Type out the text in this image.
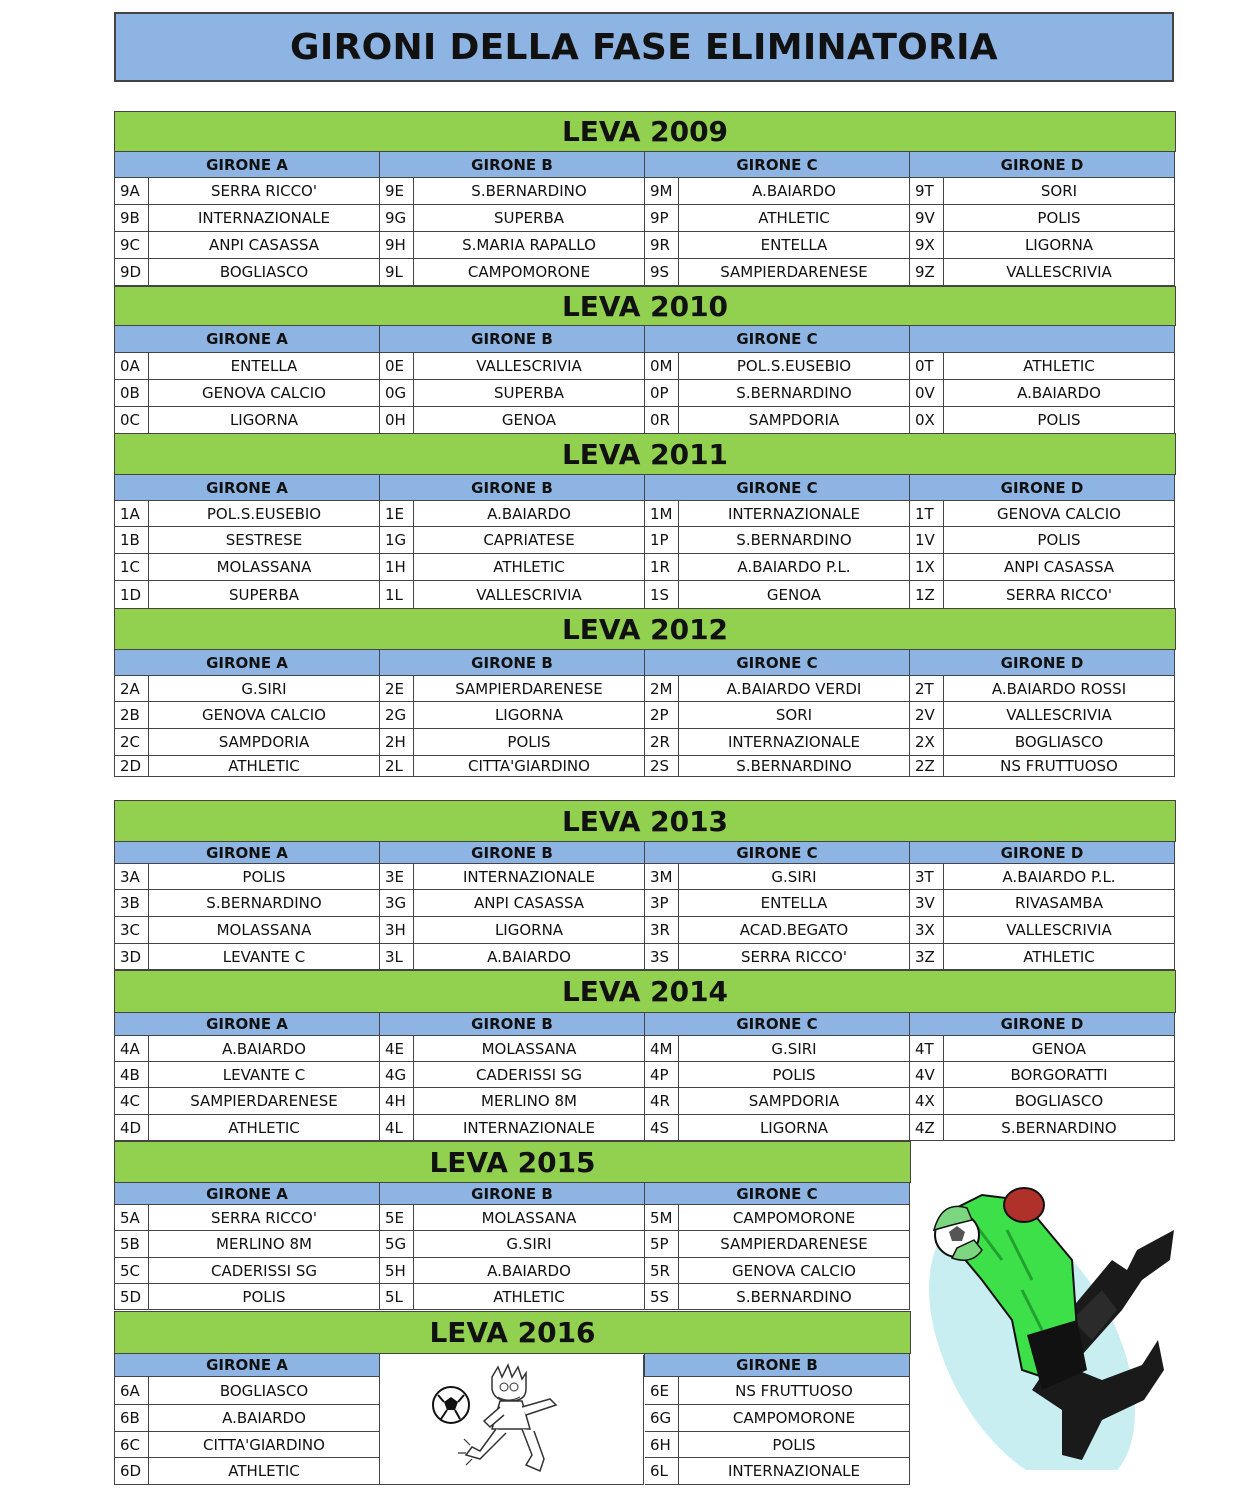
GIRONI DELLA FASE ELIMINATORIA
LEVA 2009
GIRONE A	GIRONE B	GIRONE C	GIRONE D
9A	SERRA RICCO'	9E	S.BERNARDINO	9M	A.BAIARDO	9T	SORI
9B	INTERNAZIONALE	9G	SUPERBA	9P	ATHLETIC	9V	POLIS
9C	ANPI CASASSA	9H	S.MARIA RAPALLO	9R	ENTELLA	9X	LIGORNA
9D	BOGLIASCO	9L	CAMPOMORONE	9S	SAMPIERDARENESE	9Z	VALLESCRIVIA
LEVA 2010
GIRONE A	GIRONE B	GIRONE C
0A	ENTELLA	0E	VALLESCRIVIA	0M	POL.S.EUSEBIO	0T	ATHLETIC
0B	GENOVA CALCIO	0G	SUPERBA	0P	S.BERNARDINO	0V	A.BAIARDO
0C	LIGORNA	0H	GENOA	0R	SAMPDORIA	0X	POLIS
LEVA 2011
GIRONE A	GIRONE B	GIRONE C	GIRONE D
1A	POL.S.EUSEBIO	1E	A.BAIARDO	1M	INTERNAZIONALE	1T	GENOVA CALCIO
1B	SESTRESE	1G	CAPRIATESE	1P	S.BERNARDINO	1V	POLIS
1C	MOLASSANA	1H	ATHLETIC	1R	A.BAIARDO P.L.	1X	ANPI CASASSA
1D	SUPERBA	1L	VALLESCRIVIA	1S	GENOA	1Z	SERRA RICCO'
LEVA 2012
GIRONE A	GIRONE B	GIRONE C	GIRONE D
2A	G.SIRI	2E	SAMPIERDARENESE	2M	A.BAIARDO VERDI	2T	A.BAIARDO ROSSI
2B	GENOVA CALCIO	2G	LIGORNA	2P	SORI	2V	VALLESCRIVIA
2C	SAMPDORIA	2H	POLIS	2R	INTERNAZIONALE	2X	BOGLIASCO
2D	ATHLETIC	2L	CITTA'GIARDINO	2S	S.BERNARDINO	2Z	NS FRUTTUOSO
LEVA 2013
GIRONE A	GIRONE B	GIRONE C	GIRONE D
3A	POLIS	3E	INTERNAZIONALE	3M	G.SIRI	3T	A.BAIARDO P.L.
3B	S.BERNARDINO	3G	ANPI CASASSA	3P	ENTELLA	3V	RIVASAMBA
3C	MOLASSANA	3H	LIGORNA	3R	ACAD.BEGATO	3X	VALLESCRIVIA
3D	LEVANTE C	3L	A.BAIARDO	3S	SERRA RICCO'	3Z	ATHLETIC
LEVA 2014
GIRONE A	GIRONE B	GIRONE C	GIRONE D
4A	A.BAIARDO	4E	MOLASSANA	4M	G.SIRI	4T	GENOA
4B	LEVANTE C	4G	CADERISSI SG	4P	POLIS	4V	BORGORATTI
4C	SAMPIERDARENESE	4H	MERLINO 8M	4R	SAMPDORIA	4X	BOGLIASCO
4D	ATHLETIC	4L	INTERNAZIONALE	4S	LIGORNA	4Z	S.BERNARDINO
LEVA 2015
GIRONE A	GIRONE B	GIRONE C
5A	SERRA RICCO'	5E	MOLASSANA	5M	CAMPOMORONE
5B	MERLINO 8M	5G	G.SIRI	5P	SAMPIERDARENESE
5C	CADERISSI SG	5H	A.BAIARDO	5R	GENOVA CALCIO
5D	POLIS	5L	ATHLETIC	5S	S.BERNARDINO
LEVA 2016
GIRONE A	GIRONE B
6A	BOGLIASCO	6E	NS FRUTTUOSO
6B	A.BAIARDO	6G	CAMPOMORONE
6C	CITTA'GIARDINO	6H	POLIS
6D	ATHLETIC	6L	INTERNAZIONALE
